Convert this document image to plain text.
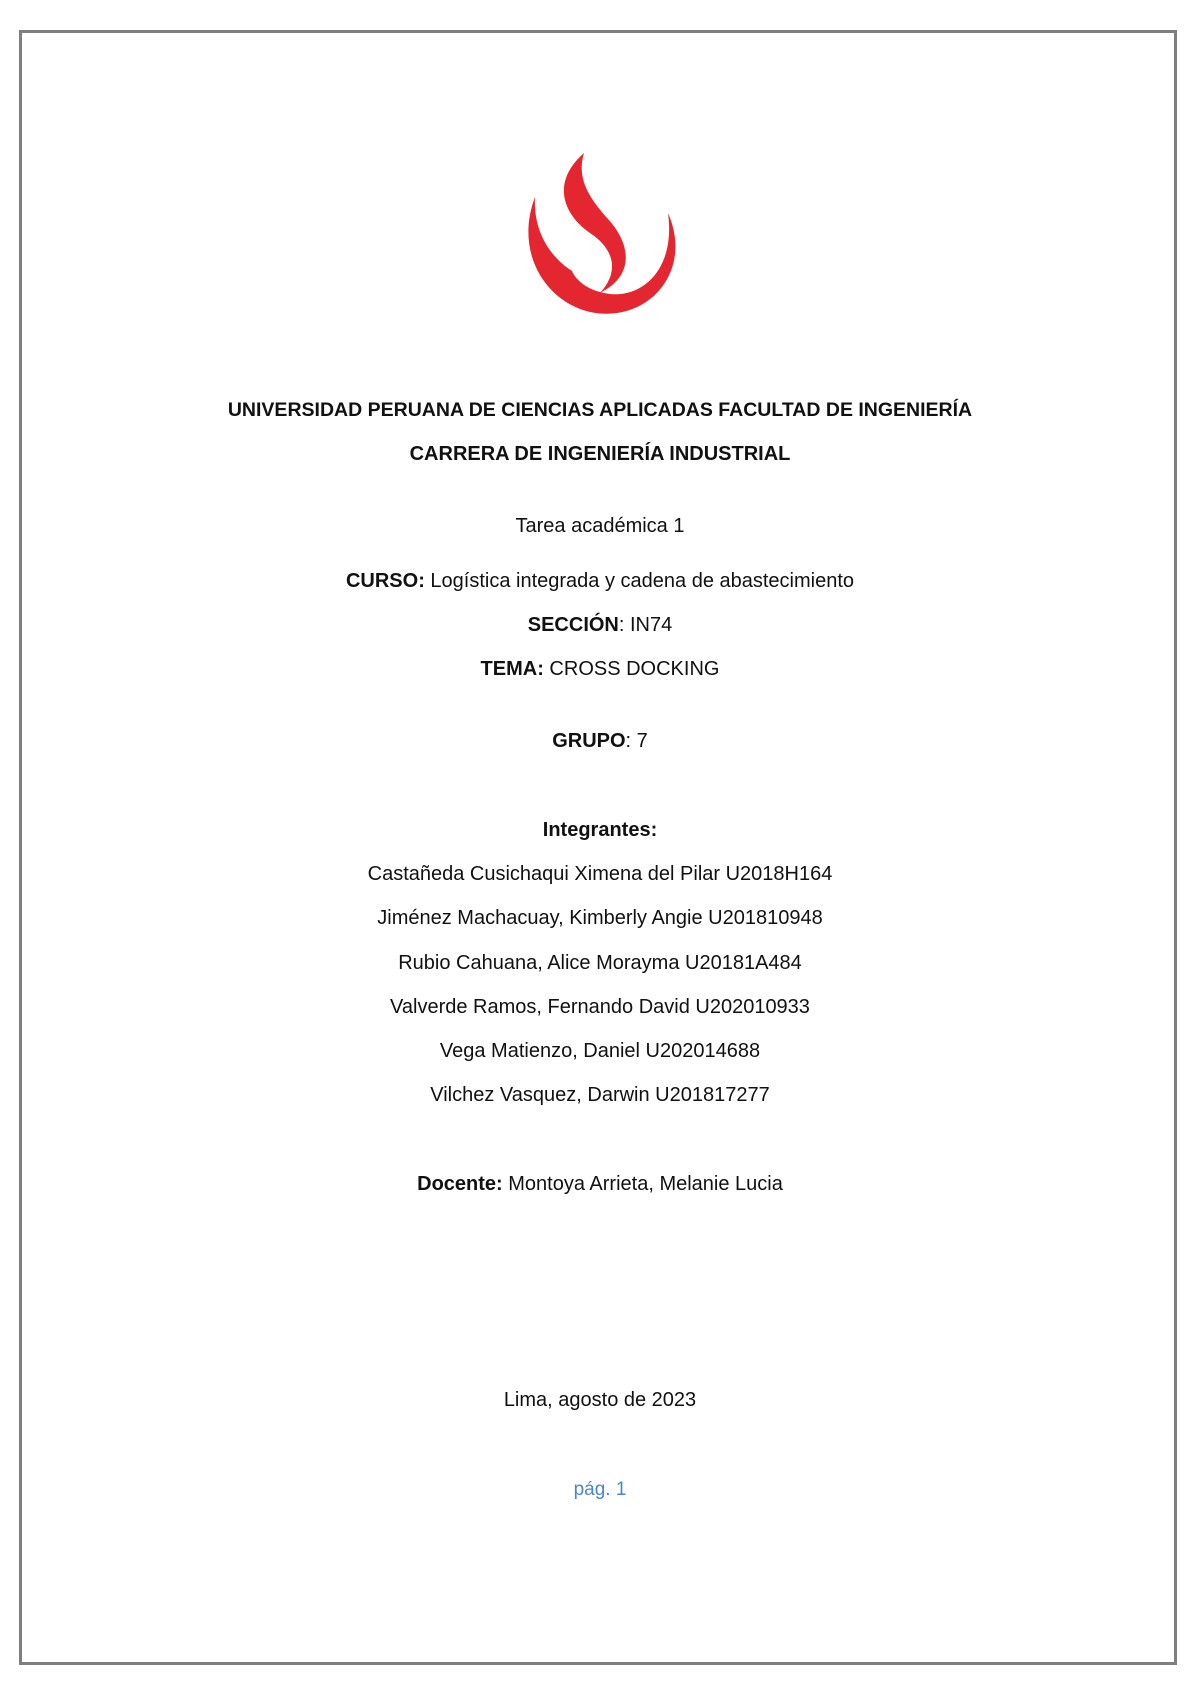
UNIVERSIDAD PERUANA DE CIENCIAS APLICADAS FACULTAD DE INGENIERÍA
CARRERA DE INGENIERÍA INDUSTRIAL
Tarea académica 1
CURSO: Logística integrada y cadena de abastecimiento
SECCIÓN: IN74
TEMA: CROSS DOCKING
GRUPO: 7
Integrantes:
Castañeda Cusichaqui Ximena del Pilar U2018H164
Jiménez Machacuay, Kimberly Angie U201810948
Rubio Cahuana, Alice Morayma U20181A484
Valverde Ramos, Fernando David U202010933
Vega Matienzo, Daniel U202014688
Vilchez Vasquez, Darwin U201817277
Docente: Montoya Arrieta, Melanie Lucia
Lima, agosto de 2023
pág. 1
